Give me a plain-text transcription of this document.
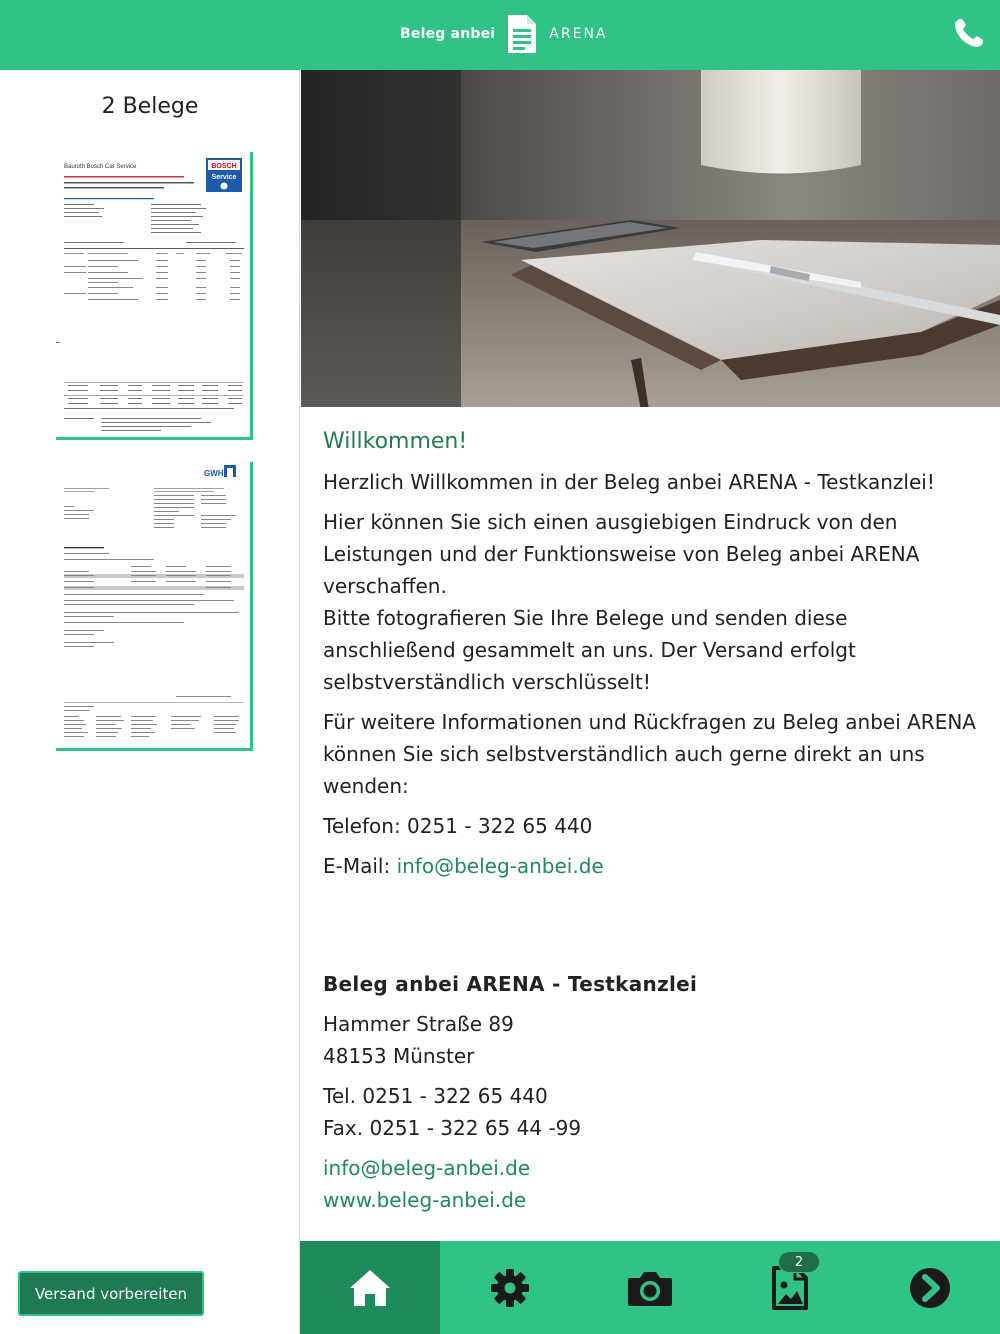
Beleg anbei	ARENA
2 Belege
Bauroth Bosch Car Service	BOSCH
Service
GWH
Versand vorbereiten
Willkommen!

Herzlich Willkommen in der Beleg anbei ARENA - Testkanzlei!

Hier können Sie sich einen ausgiebigen Eindruck von den Leistungen und der Funktionsweise von Beleg anbei ARENA verschaffen.

Bitte fotografieren Sie Ihre Belege und senden diese anschließend gesammelt an uns. Der Versand erfolgt selbstverständlich verschlüsselt!

Für weitere Informationen und Rückfragen zu Beleg anbei ARENA können Sie sich selbstverständlich auch gerne direkt an uns wenden:

Telefon: 0251 - 322 65 440

E-Mail: info@beleg-anbei.de

Beleg anbei ARENA - Testkanzlei
Hammer Straße 89
48153 Münster
Tel. 0251 - 322 65 440
Fax. 0251 - 322 65 44 -99
info@beleg-anbei.de
www.beleg-anbei.de
2
